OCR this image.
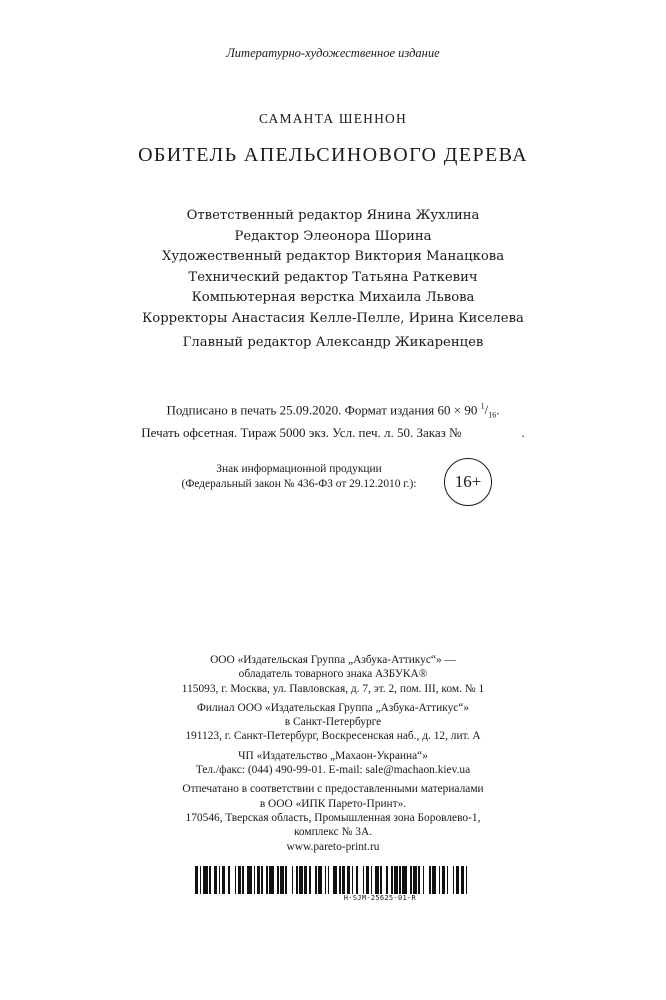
Литературно-художественное издание
САМАНТА ШЕННОН
ОБИТЕЛЬ АПЕЛЬСИНОВОГО ДЕРЕВА
Ответственный редактор Янина Жухлина
Редактор Элеонора Шорина
Художественный редактор Виктория Манацкова
Технический редактор Татьяна Раткевич
Компьютерная верстка Михаила Львова
Корректоры Анастасия Келле-Пелле, Ирина Киселева
Главный редактор Александр Жикаренцев
Подписано в печать 25.09.2020. Формат издания 60 × 90 $^1/_{16}$.
Печать офсетная. Тираж 5000 экз. Усл. печ. л. 50. Заказ №	.
Знак информационной продукции
(Федеральный закон № 436-ФЗ от 29.12.2010 г.):	16+
ООО «Издательская Группа „Азбука-Аттикус“» —
обладатель товарного знака АЗБУКА®
115093, г. Москва, ул. Павловская, д. 7, эт. 2, пом. III, ком. № 1
Филиал ООО «Издательская Группа „Азбука-Аттикус“»
в Санкт-Петербурге
191123, г. Санкт-Петербург, Воскресенская наб., д. 12, лит. А
ЧП «Издательство „Махаон-Украина“»
Тел./факс: (044) 490-99-01. E-mail: sale@machaon.kiev.ua
Отпечатано в соответствии с предоставленными материалами
в ООО «ИПК Парето-Принт».
170546, Тверская область, Промышленная зона Боровлево-1,
комплекс № 3А.
www.pareto-print.ru
H-SJM-25625-01-R
